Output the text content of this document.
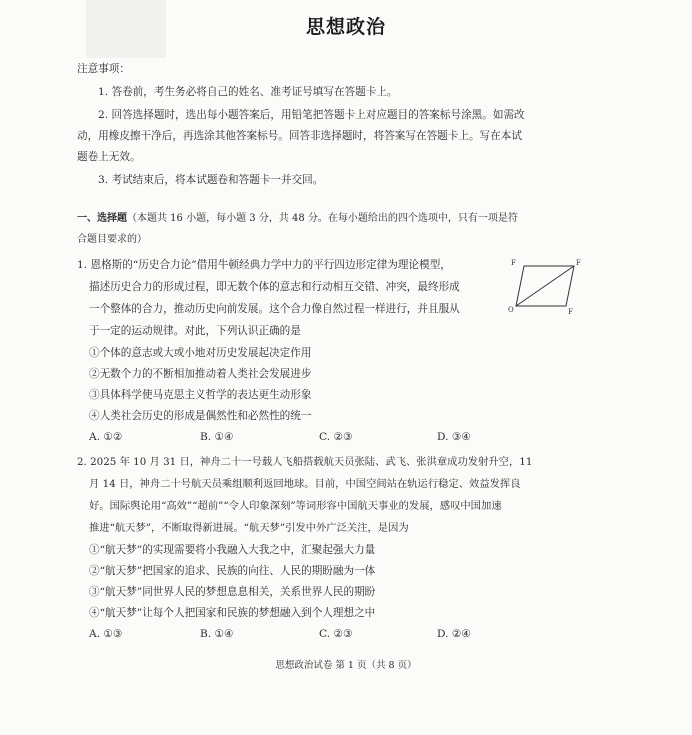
思想政治
注意事项：
1. 答卷前，考生务必将自己的姓名、准考证号填写在答题卡上。
2. 回答选择题时，选出每小题答案后，用铅笔把答题卡上对应题目的答案标号涂黑。如需改
动，用橡皮擦干净后，再选涂其他答案标号。回答非选择题时，将答案写在答题卡上。写在本试
题卷上无效。
3. 考试结束后，将本试题卷和答题卡一并交回。
一、选择题（本题共 16 小题，每小题 3 分，共 48 分。在每小题给出的四个选项中，只有一项是符
合题目要求的）
1. 恩格斯的“历史合力论”借用牛顿经典力学中力的平行四边形定律为理论模型，
描述历史合力的形成过程，即无数个体的意志和行动相互交错、冲突，最终形成
一个整体的合力，推动历史向前发展。这个合力像自然过程一样进行，并且服从
于一定的运动规律。对此，下列认识正确的是
F	F
O	F
①个体的意志或大或小地对历史发展起决定作用
②无数个力的不断相加推动着人类社会发展进步
③具体科学使马克思主义哲学的表达更生动形象
④人类社会历史的形成是偶然性和必然性的统一
A. ①②	B. ①④	C. ②③	D. ③④
2. 2025 年 10 月 31 日，神舟二十一号载人飞船搭载航天员张陆、武飞、张洪章成功发射升空，11
月 14 日，神舟二十号航天员乘组顺利返回地球。目前，中国空间站在轨运行稳定、效益发挥良
好。国际舆论用“高效”“超前”“令人印象深刻”等词形容中国航天事业的发展，感叹中国加速
推进“航天梦”，不断取得新进展。“航天梦”引发中外广泛关注，是因为
①“航天梦”的实现需要将小我融入大我之中，汇聚起强大力量
②“航天梦”把国家的追求、民族的向往、人民的期盼融为一体
③“航天梦”同世界人民的梦想息息相关，关系世界人民的期盼
④“航天梦”让每个人把国家和民族的梦想融入到个人理想之中
A. ①③	B. ①④	C. ②③	D. ②④
思想政治试卷 第 1 页（共 8 页）
